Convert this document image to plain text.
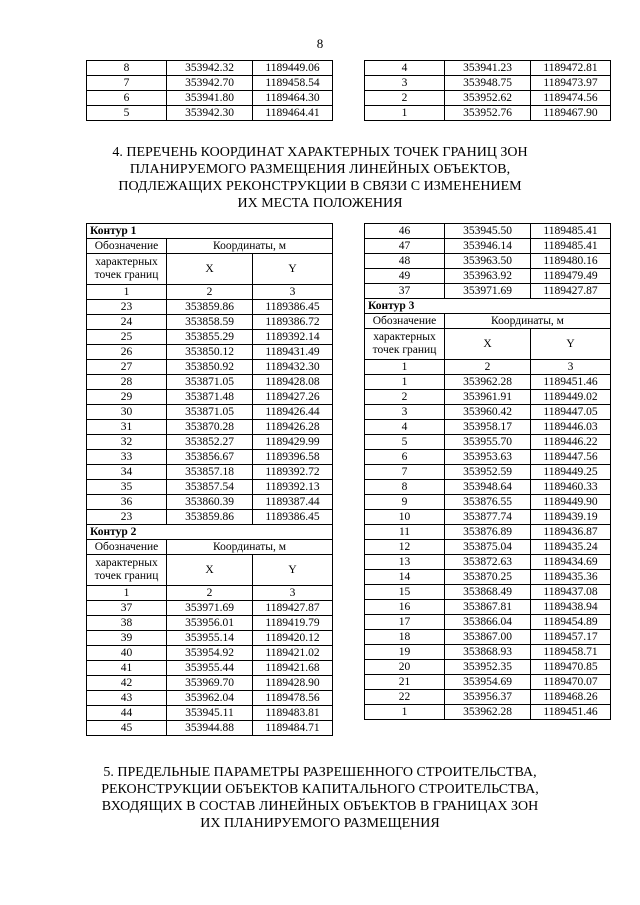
8
8	353942.32	1189449.06
7	353942.70	1189458.54
6	353941.80	1189464.30
5	353942.30	1189464.41
4	353941.23	1189472.81
3	353948.75	1189473.97
2	353952.62	1189474.56
1	353952.76	1189467.90
4. ПЕРЕЧЕНЬ КООРДИНАТ ХАРАКТЕРНЫХ ТОЧЕК ГРАНИЦ ЗОН
ПЛАНИРУЕМОГО РАЗМЕЩЕНИЯ ЛИНЕЙНЫХ ОБЪЕКТОВ,
ПОДЛЕЖАЩИХ РЕКОНСТРУКЦИИ В СВЯЗИ С ИЗМЕНЕНИЕМ
ИХ МЕСТА ПОЛОЖЕНИЯ
Контур 1		
Обозначение	Координаты, м	
характерных
точек границ	X	Y
1	2	3
23	353859.86	1189386.45
24	353858.59	1189386.72
25	353855.29	1189392.14
26	353850.12	1189431.49
27	353850.92	1189432.30
28	353871.05	1189428.08
29	353871.48	1189427.26
30	353871.05	1189426.44
31	353870.28	1189426.28
32	353852.27	1189429.99
33	353856.67	1189396.58
34	353857.18	1189392.72
35	353857.54	1189392.13
36	353860.39	1189387.44
23	353859.86	1189386.45
Контур 2		
Обозначение	Координаты, м	
характерных
точек границ	X	Y
1	2	3
37	353971.69	1189427.87
38	353956.01	1189419.79
39	353955.14	1189420.12
40	353954.92	1189421.02
41	353955.44	1189421.68
42	353969.70	1189428.90
43	353962.04	1189478.56
44	353945.11	1189483.81
45	353944.88	1189484.71
46	353945.50	1189485.41
47	353946.14	1189485.41
48	353963.50	1189480.16
49	353963.92	1189479.49
37	353971.69	1189427.87
Контур 3		
Обозначение	Координаты, м	
характерных
точек границ	X	Y
1	2	3
1	353962.28	1189451.46
2	353961.91	1189449.02
3	353960.42	1189447.05
4	353958.17	1189446.03
5	353955.70	1189446.22
6	353953.63	1189447.56
7	353952.59	1189449.25
8	353948.64	1189460.33
9	353876.55	1189449.90
10	353877.74	1189439.19
11	353876.89	1189436.87
12	353875.04	1189435.24
13	353872.63	1189434.69
14	353870.25	1189435.36
15	353868.49	1189437.08
16	353867.81	1189438.94
17	353866.04	1189454.89
18	353867.00	1189457.17
19	353868.93	1189458.71
20	353952.35	1189470.85
21	353954.69	1189470.07
22	353956.37	1189468.26
1	353962.28	1189451.46
5. ПРЕДЕЛЬНЫЕ ПАРАМЕТРЫ РАЗРЕШЕННОГО СТРОИТЕЛЬСТВА,
РЕКОНСТРУКЦИИ ОБЪЕКТОВ КАПИТАЛЬНОГО СТРОИТЕЛЬСТВА,
ВХОДЯЩИХ В СОСТАВ ЛИНЕЙНЫХ ОБЪЕКТОВ В ГРАНИЦАХ ЗОН
ИХ ПЛАНИРУЕМОГО РАЗМЕЩЕНИЯ
